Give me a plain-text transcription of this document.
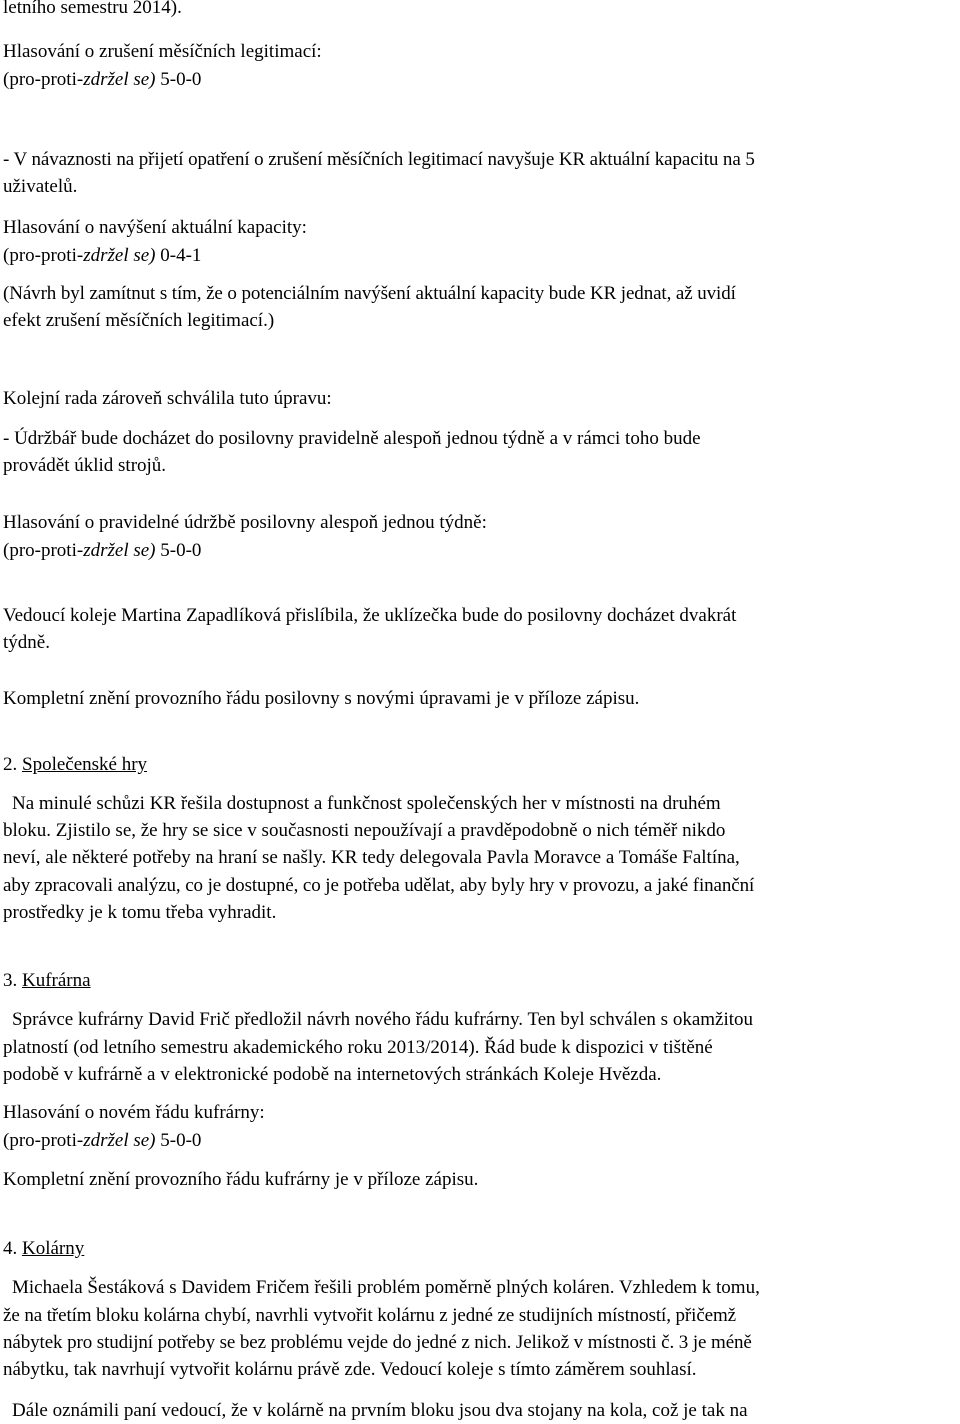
letního semestru 2014).
Hlasování o zrušení měsíčních legitimací:
(pro-proti-zdržel se) 5-0-0
- V návaznosti na přijetí opatření o zrušení měsíčních legitimací navyšuje KR aktuální kapacitu na 5
uživatelů.
Hlasování o navýšení aktuální kapacity:
(pro-proti-zdržel se) 0-4-1
(Návrh byl zamítnut s tím, že o potenciálním navýšení aktuální kapacity bude KR jednat, až uvidí
efekt zrušení měsíčních legitimací.)
Kolejní rada zároveň schválila tuto úpravu:
- Údržbář bude docházet do posilovny pravidelně alespoň jednou týdně a v rámci toho bude
provádět úklid strojů.
Hlasování o pravidelné údržbě posilovny alespoň jednou týdně:
(pro-proti-zdržel se) 5-0-0
Vedoucí koleje Martina Zapadlíková přislíbila, že uklízečka bude do posilovny docházet dvakrát
týdně.
Kompletní znění provozního řádu posilovny s novými úpravami je v příloze zápisu.
2. Společenské hry
Na minulé schůzi KR řešila dostupnost a funkčnost společenských her v místnosti na druhém
bloku. Zjistilo se, že hry se sice v současnosti nepoužívají a pravděpodobně o nich téměř nikdo
neví, ale některé potřeby na hraní se našly. KR tedy delegovala Pavla Moravce a Tomáše Faltína,
aby zpracovali analýzu, co je dostupné, co je potřeba udělat, aby byly hry v provozu, a jaké finanční
prostředky je k tomu třeba vyhradit.
3. Kufrárna
Správce kufrárny David Frič předložil návrh nového řádu kufrárny. Ten byl schválen s okamžitou
platností (od letního semestru akademického roku 2013/2014). Řád bude k dispozici v tištěné
podobě v kufrárně a v elektronické podobě na internetových stránkách Koleje Hvězda.
Hlasování o novém řádu kufrárny:
(pro-proti-zdržel se) 5-0-0
Kompletní znění provozního řádu kufrárny je v příloze zápisu.
4. Kolárny
Michaela Šestáková s Davidem Fričem řešili problém poměrně plných koláren. Vzhledem k tomu,
že na třetím bloku kolárna chybí, navrhli vytvořit kolárnu z jedné ze studijních místností, přičemž
nábytek pro studijní potřeby se bez problému vejde do jedné z nich. Jelikož v místnosti č. 3 je méně
nábytku, tak navrhují vytvořit kolárnu právě zde. Vedoucí koleje s tímto záměrem souhlasí.
Dále oznámili paní vedoucí, že v kolárně na prvním bloku jsou dva stojany na kola, což je tak na
